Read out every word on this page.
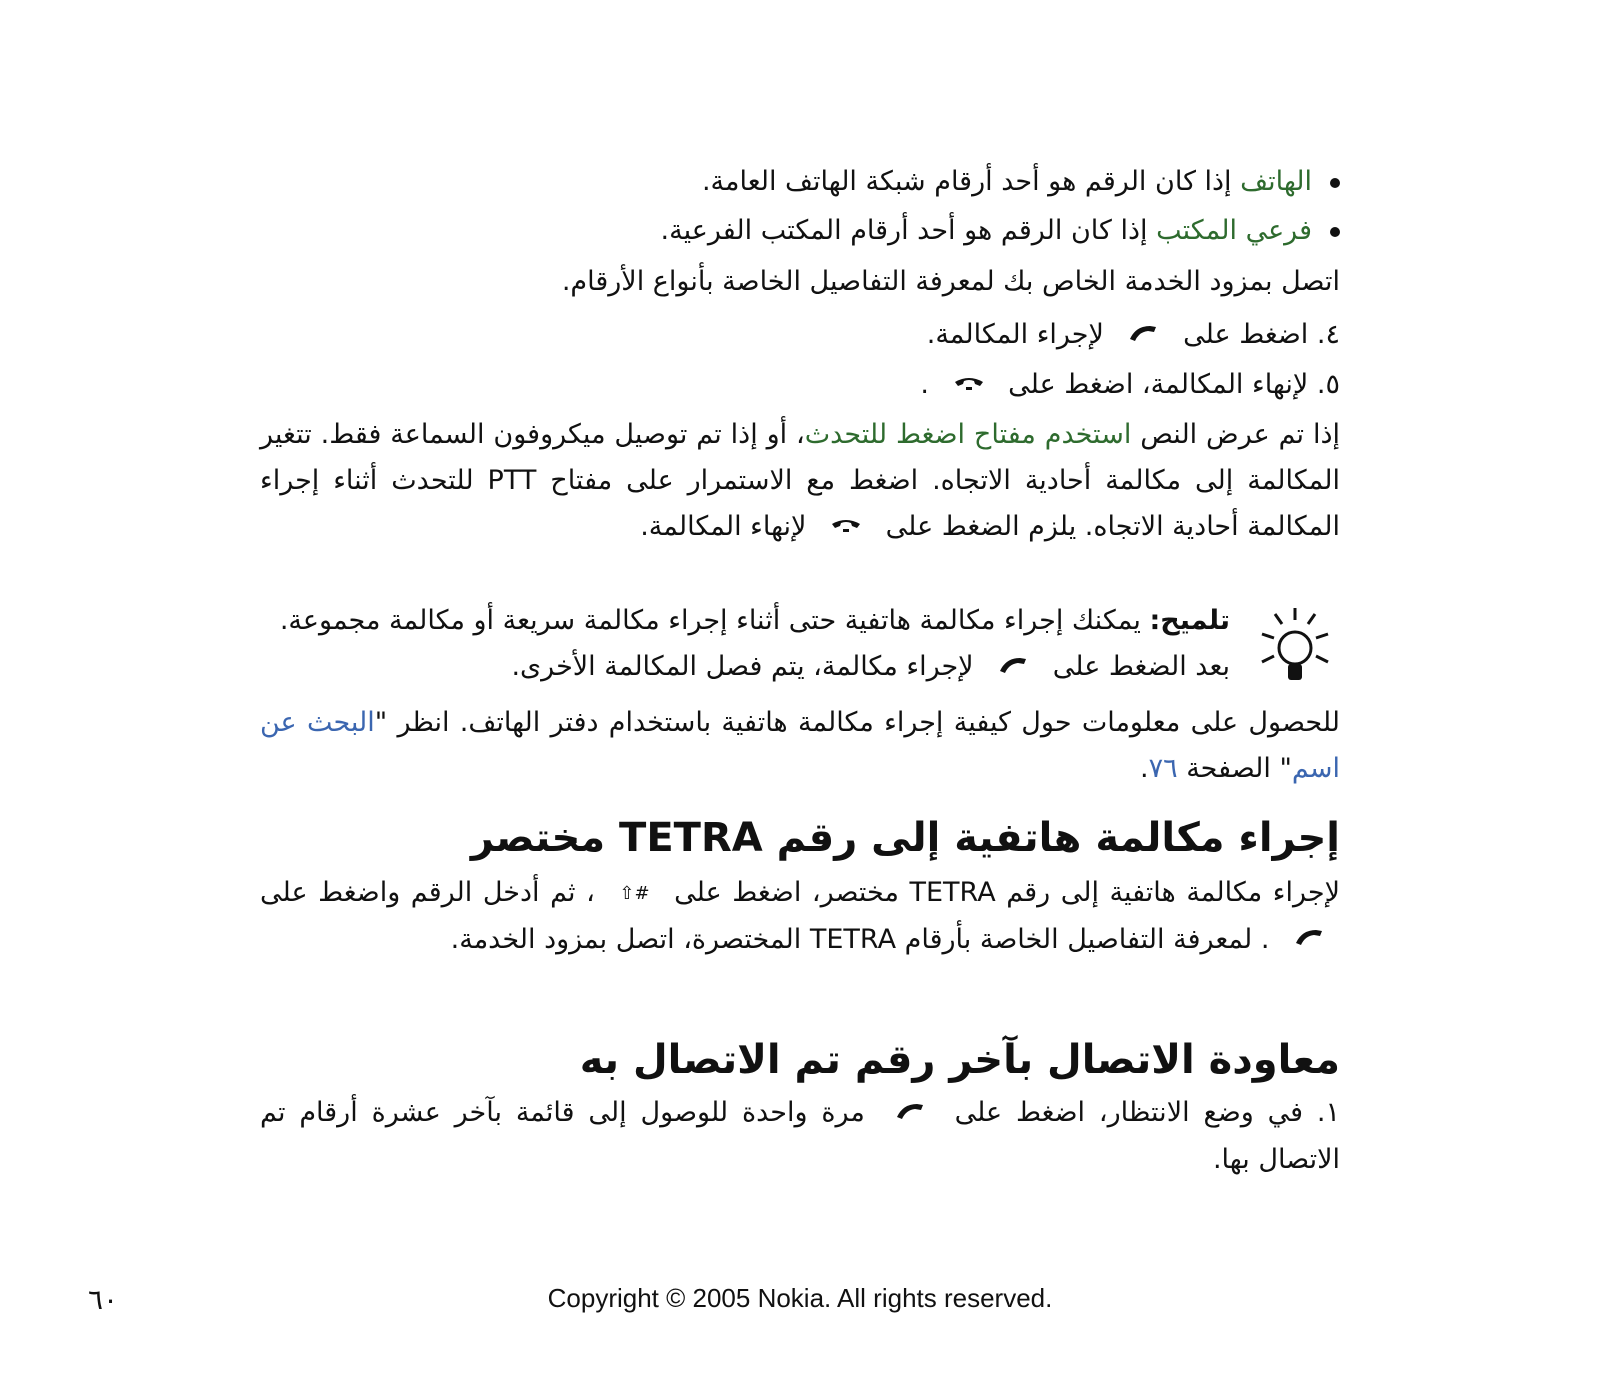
الهاتف إذا كان الرقم هو أحد أرقام شبكة الهاتف العامة.
فرعي المكتب إذا كان الرقم هو أحد أرقام المكتب الفرعية.
اتصل بمزود الخدمة الخاص بك لمعرفة التفاصيل الخاصة بأنواع الأرقام.
٤. اضغط على  لإجراء المكالمة.
٥. لإنهاء المكالمة، اضغط على  .
إذا تم عرض النص استخدم مفتاح اضغط للتحدث، أو إذا تم توصيل ميكروفون السماعة فقط. تتغير المكالمة إلى مكالمة أحادية الاتجاه. اضغط مع الاستمرار على مفتاح PTT للتحدث أثناء إجراء المكالمة أحادية الاتجاه. يلزم الضغط على  لإنهاء المكالمة.
تلميح: يمكنك إجراء مكالمة هاتفية حتى أثناء إجراء مكالمة سريعة أو مكالمة مجموعة. بعد الضغط على  لإجراء مكالمة، يتم فصل المكالمة الأخرى.
للحصول على معلومات حول كيفية إجراء مكالمة هاتفية باستخدام دفتر الهاتف. انظر "البحث عن اسم" الصفحة ٧٦.
إجراء مكالمة هاتفية إلى رقم TETRA مختصر
لإجراء مكالمة هاتفية إلى رقم TETRA مختصر، اضغط على #⇧ ، ثم أدخل الرقم واضغط على  . لمعرفة التفاصيل الخاصة بأرقام TETRA المختصرة، اتصل بمزود الخدمة.
معاودة الاتصال بآخر رقم تم الاتصال به
١. في وضع الانتظار، اضغط على  مرة واحدة للوصول إلى قائمة بآخر عشرة أرقام تم الاتصال بها.
Copyright © 2005 Nokia. All rights reserved.
٦٠
